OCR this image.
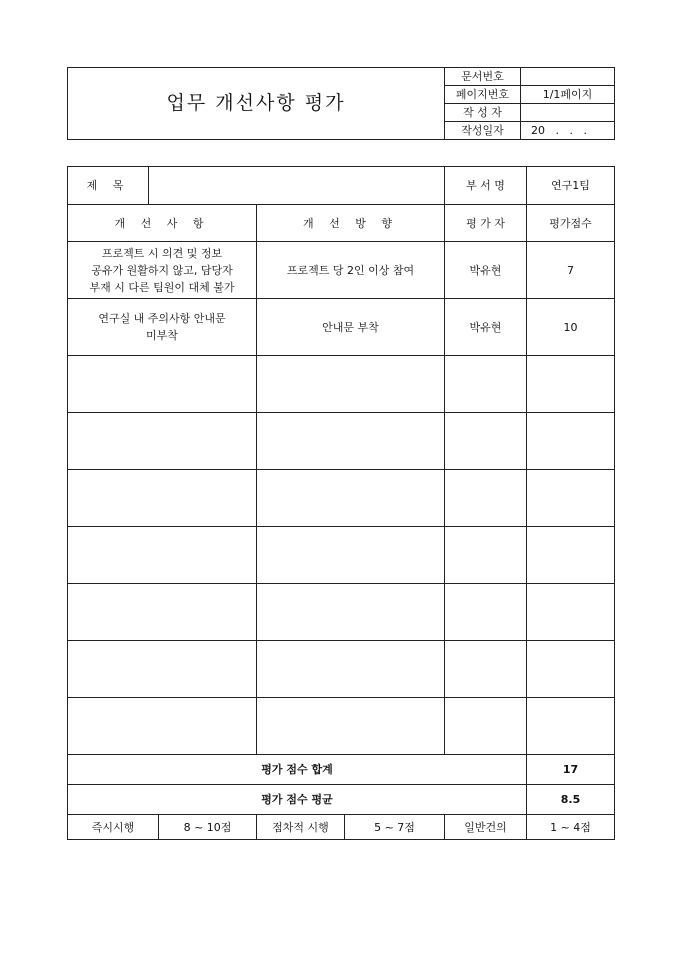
업무 개선사항 평가	문서번호	
	페이지번호	1/1페이지
	작 성 자	
	작성일자	20   .   .   .
제 목					부 서 명	연구1팀
개 선 사 항			개 선 방 향		평 가 자	평가점수
프로젝트 시 의견 및 정보
공유가 원활하지 않고, 담당자
부재 시 다른 팀원이 대체 불가			프로젝트 당 2인 이상 참여		박유현	7
연구실 내 주의사항 안내문
미부착			안내문 부착		박유현	10

평가 점수 합계						17
평가 점수 평균						8.5
즉시시행		8 ~ 10점	점차적 시행	5 ~ 7점	일반건의	1 ~ 4점
